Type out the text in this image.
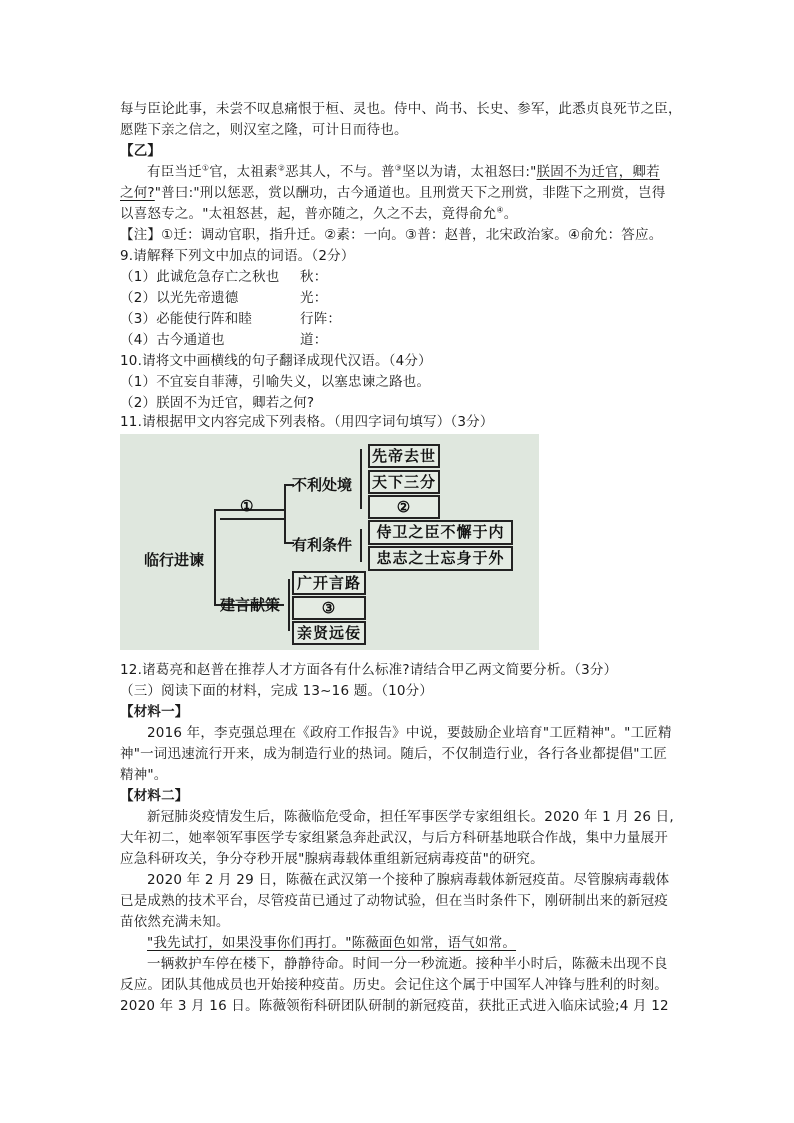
每与臣论此事，未尝不叹息痛恨于桓、灵也。侍中、尚书、长史、参军，此悉贞良死节之臣，
愿陛下亲之信之，则汉室之隆，可计日而待也。
【乙】
有臣当迁①官，太祖素②恶其人，不与。普③坚以为请，太祖怒曰:"朕固不为迁官，卿若
之何?"普曰:"刑以惩恶，赏以酬功，古今通道也。且刑赏天下之刑赏，非陛下之刑赏，岂得
以喜怒专之。"太祖怒甚，起，普亦随之，久之不去，竟得俞允④。
【注】①迁：调动官职，指升迁。②素：一向。③普：赵普，北宋政治家。④俞允：答应。
9.请解释下列文中加点的词语。（2分）
（1）此诚危急存亡之秋也 秋：
（2）以光先帝遗德	光：
（3）必能使行阵和睦	行阵：
（4）古今通道也	道：
10.请将文中画横线的句子翻译成现代汉语。（4分）
（1）不宜妄自菲薄，引喻失义，以塞忠谏之路也。
（2）朕固不为迁官，卿若之何?
11.请根据甲文内容完成下列表格。（用四字词句填写）（3分）
临行进谏
①
不利处境
有利条件
建言献策
先帝去世
天下三分
②
侍卫之臣不懈于内
忠志之士忘身于外
广开言路
③
亲贤远佞
12.诸葛亮和赵普在推荐人才方面各有什么标准?请结合甲乙两文简要分析。（3分）
（三）阅读下面的材料，完成 13~16 题。（10分）
【材料一】
2016 年，李克强总理在《政府工作报告》中说，要鼓励企业培育"工匠精神"。"工匠精
神"一词迅速流行开来，成为制造行业的热词。随后，不仅制造行业，各行各业都提倡"工匠
精神"。
【材料二】
新冠肺炎疫情发生后，陈薇临危受命，担任军事医学专家组组长。2020 年 1 月 26 日,
大年初二，她率领军事医学专家组紧急奔赴武汉，与后方科研基地联合作战，集中力量展开
应急科研攻关，争分夺秒开展"腺病毒载体重组新冠病毒疫苗"的研究。
2020 年 2 月 29 日，陈薇在武汉第一个接种了腺病毒载体新冠疫苗。尽管腺病毒载体
已是成熟的技术平台，尽管疫苗已通过了动物试验，但在当时条件下，刚研制出来的新冠疫
苗依然充满未知。
"我先试打，如果没事你们再打。"陈薇面色如常，语气如常。
一辆救护车停在楼下，静静待命。时间一分一秒流逝。接种半小时后，陈薇未出现不良
反应。团队其他成员也开始接种疫苗。历史。会记住这个属于中国军人冲锋与胜利的时刻。
2020 年 3 月 16 日。陈薇领衔科研团队研制的新冠疫苗，获批正式进入临床试验;4 月 12
